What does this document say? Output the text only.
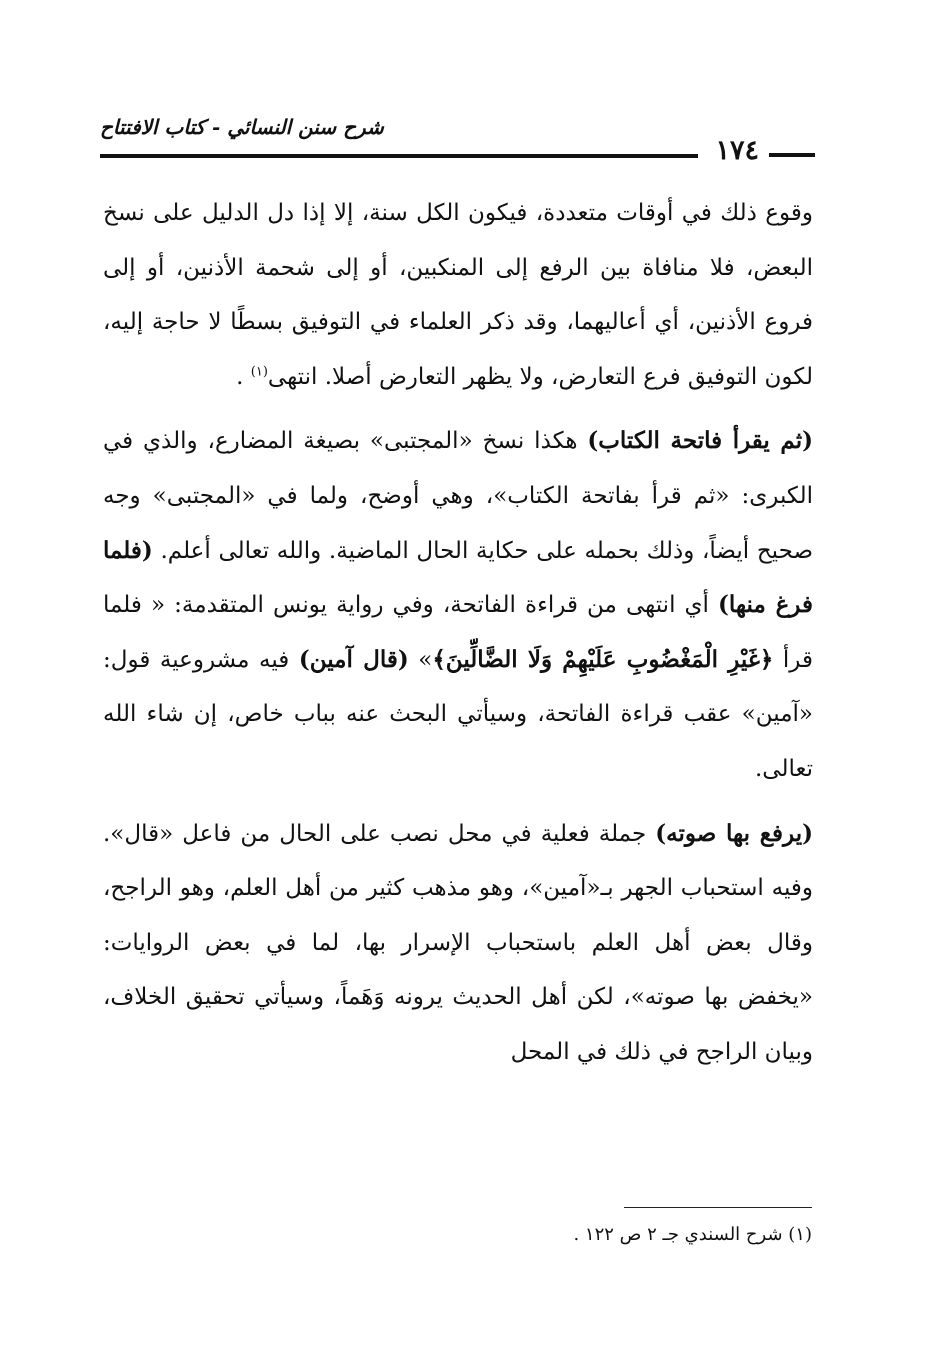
١٧٤
شرح سنن النسائي - كتاب الافتتاح

وقوع ذلك في أوقات متعددة، فيكون الكل سنة، إلا إذا دل الدليل على نسخ البعض، فلا منافاة بين الرفع إلى المنكبين، أو إلى شحمة الأذنين، أو إلى فروع الأذنين، أي أعاليهما، وقد ذكر العلماء في التوفيق بسطًا لا حاجة إليه، لكون التوفيق فرع التعارض، ولا يظهر التعارض أصلا. انتهى$^{(١)}$ .

(ثم يقرأ فاتحة الكتاب) هكذا نسخ «المجتبى» بصيغة المضارع، والذي في الكبرى: «ثم قرأ بفاتحة الكتاب»، وهي أوضح، ولما في «المجتبى» وجه صحيح أيضاً، وذلك بحمله على حكاية الحال الماضية. والله تعالى أعلم. (فلما فرغ منها) أي انتهى من قراءة الفاتحة، وفي رواية يونس المتقدمة: « فلما قرأ ﴿غَيْرِ الْمَغْضُوبِ عَلَيْهِمْ وَلَا الضَّالِّينَ﴾» (قال آمين) فيه مشروعية قول: «آمين» عقب قراءة الفاتحة، وسيأتي البحث عنه بباب خاص، إن شاء الله تعالى.

(يرفع بها صوته) جملة فعلية في محل نصب على الحال من فاعل «قال». وفيه استحباب الجهر بـ«آمين»، وهو مذهب كثير من أهل العلم، وهو الراجح، وقال بعض أهل العلم باستحباب الإسرار بها، لما في بعض الروايات: «يخفض بها صوته»، لكن أهل الحديث يرونه وَهَماً، وسيأتي تحقيق الخلاف، وبيان الراجح في ذلك في المحل

(١) شرح السندي جـ ٢ ص ١٢٢ .
